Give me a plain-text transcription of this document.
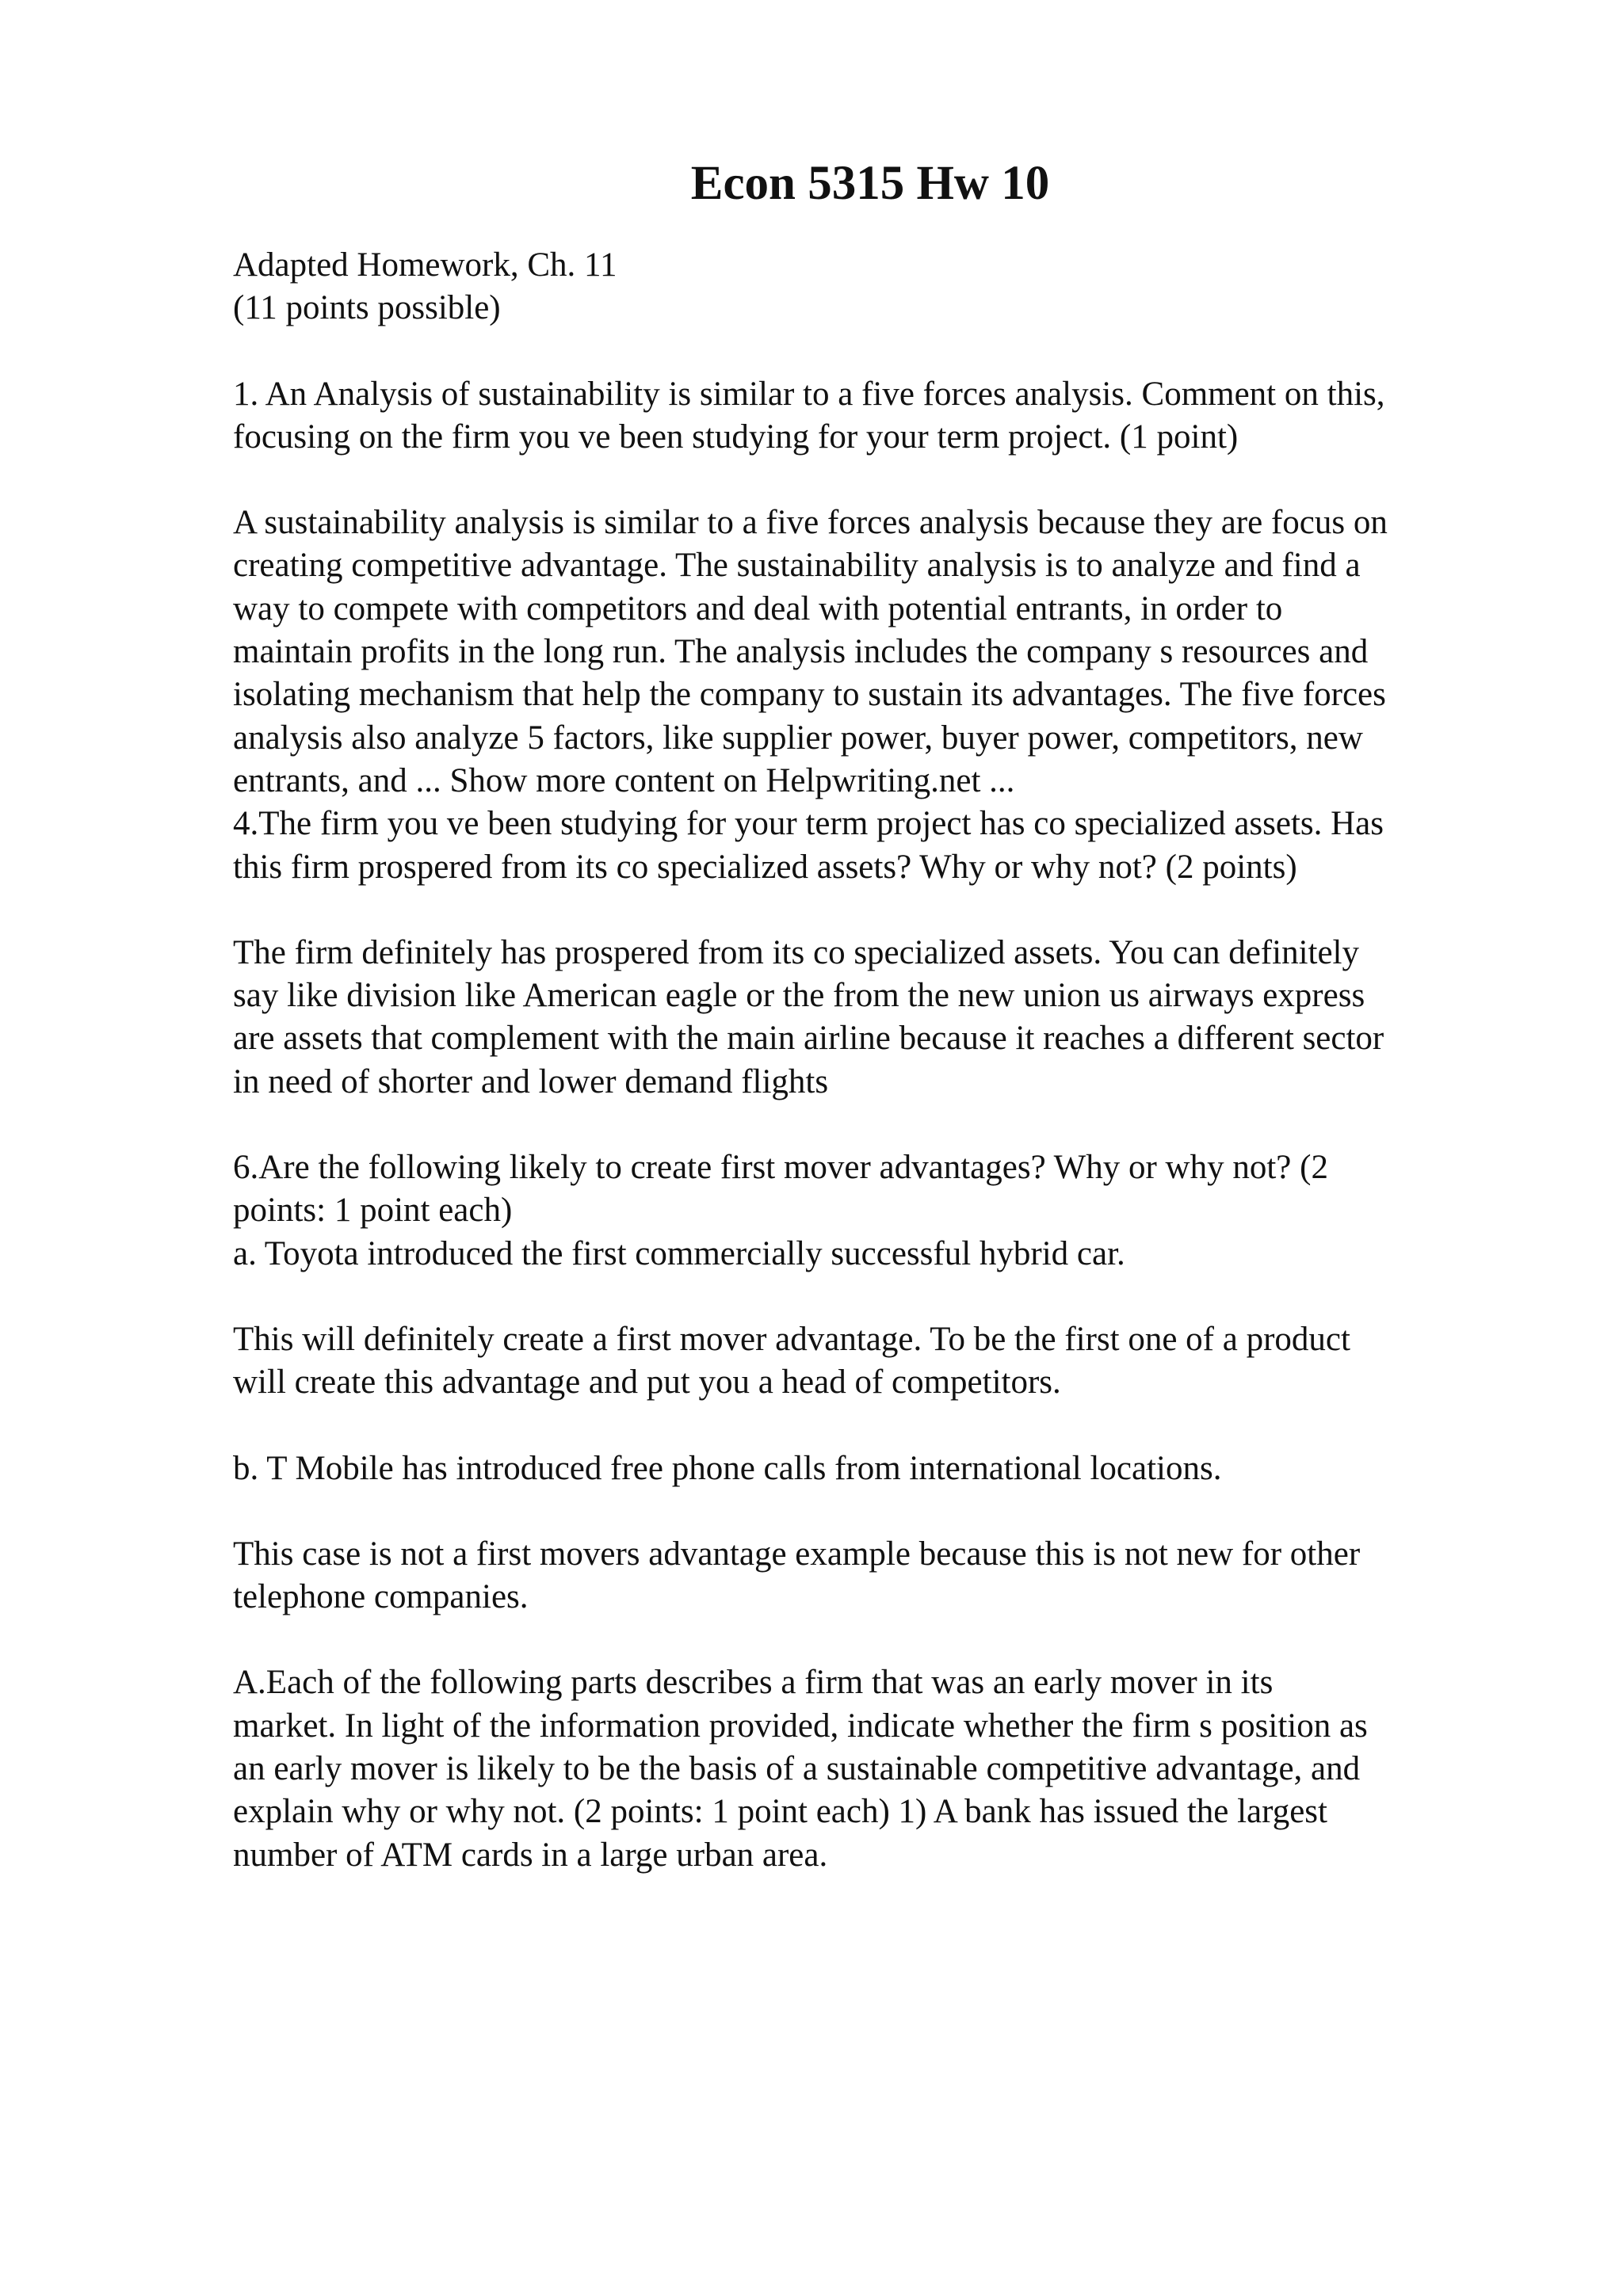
Econ 5315 Hw 10

Adapted Homework, Ch. 11
(11 points possible)

1. An Analysis of sustainability is similar to a five forces analysis. Comment on this,
focusing on the firm you ve been studying for your term project. (1 point)

A sustainability analysis is similar to a five forces analysis because they are focus on
creating competitive advantage. The sustainability analysis is to analyze and find a
way to compete with competitors and deal with potential entrants, in order to
maintain profits in the long run. The analysis includes the company s resources and
isolating mechanism that help the company to sustain its advantages. The five forces
analysis also analyze 5 factors, like supplier power, buyer power, competitors, new
entrants, and ... Show more content on Helpwriting.net ...

4.The firm you ve been studying for your term project has co specialized assets. Has
this firm prospered from its co specialized assets? Why or why not? (2 points)

The firm definitely has prospered from its co specialized assets. You can definitely
say like division like American eagle or the from the new union us airways express
are assets that complement with the main airline because it reaches a different sector
in need of shorter and lower demand flights

6.Are the following likely to create first mover advantages? Why or why not? (2
points: 1 point each)
a. Toyota introduced the first commercially successful hybrid car.

This will definitely create a first mover advantage. To be the first one of a product
will create this advantage and put you a head of competitors.

b. T Mobile has introduced free phone calls from international locations.

This case is not a first movers advantage example because this is not new for other
telephone companies.

A.Each of the following parts describes a firm that was an early mover in its
market. In light of the information provided, indicate whether the firm s position as
an early mover is likely to be the basis of a sustainable competitive advantage, and
explain why or why not. (2 points: 1 point each) 1) A bank has issued the largest
number of ATM cards in a large urban area.
